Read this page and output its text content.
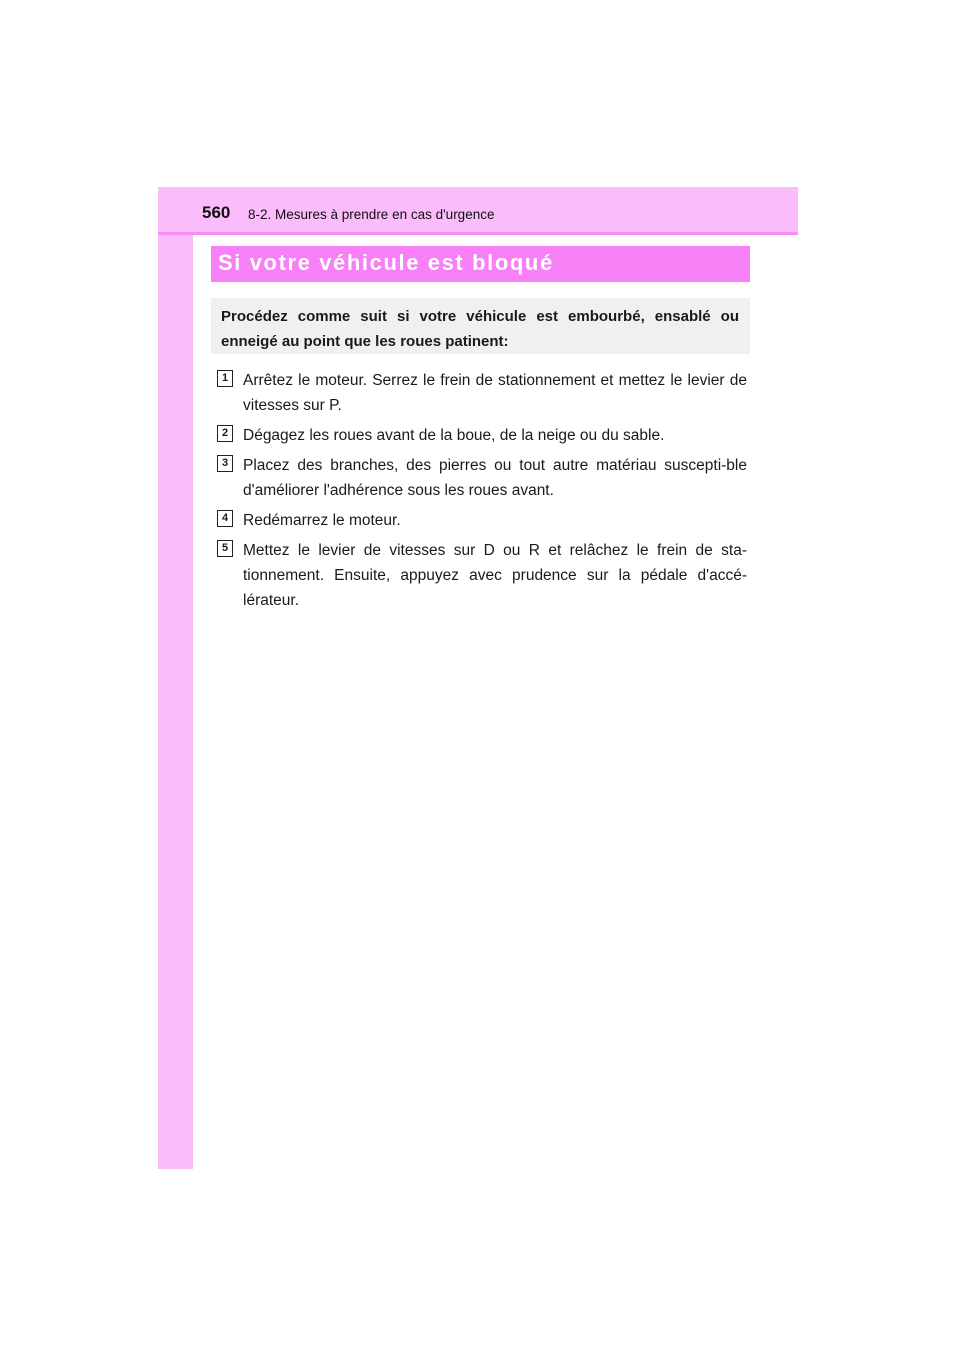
560 8-2. Mesures à prendre en cas d'urgence
Si votre véhicule est bloqué
Procédez comme suit si votre véhicule est embourbé, ensablé ou enneigé au point que les roues patinent:
1 Arrêtez le moteur. Serrez le frein de stationnement et mettez le levier de vitesses sur P.
2 Dégagez les roues avant de la boue, de la neige ou du sable.
3 Placez des branches, des pierres ou tout autre matériau suscepti-ble d'améliorer l'adhérence sous les roues avant.
4 Redémarrez le moteur.
5 Mettez le levier de vitesses sur D ou R et relâchez le frein de sta-tionnement. Ensuite, appuyez avec prudence sur la pédale d'accé-lérateur.
